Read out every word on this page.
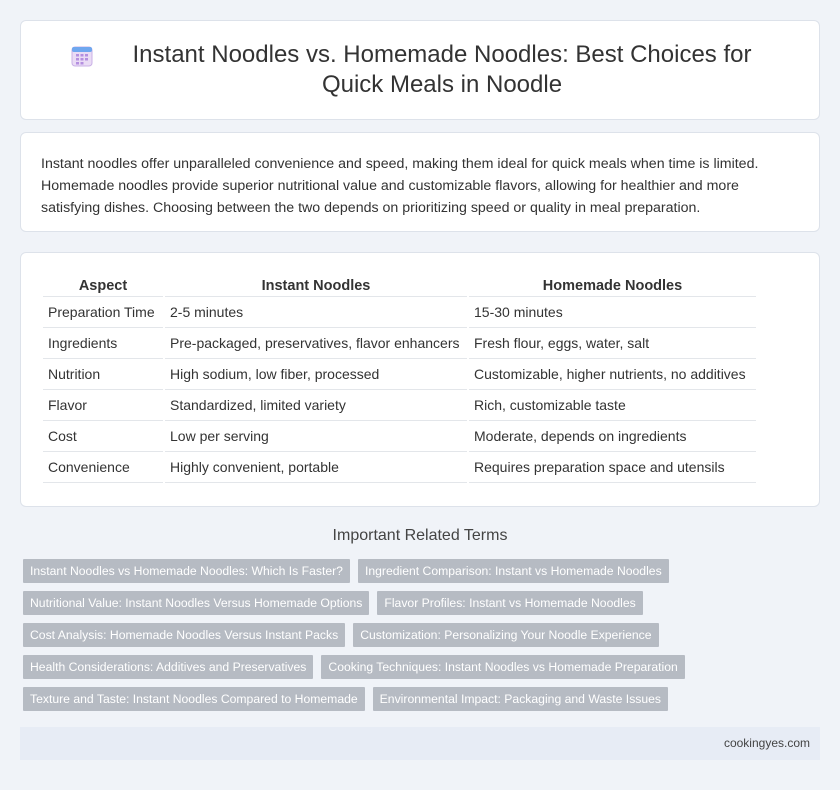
Instant Noodles vs. Homemade Noodles: Best Choices for Quick Meals in Noodle

Instant noodles offer unparalleled convenience and speed, making them ideal for quick meals when time is limited. Homemade noodles provide superior nutritional value and customizable flavors, allowing for healthier and more satisfying dishes. Choosing between the two depends on prioritizing speed or quality in meal preparation.

Aspect	Instant Noodles	Homemade Noodles
Preparation Time	2-5 minutes	15-30 minutes
Ingredients	Pre-packaged, preservatives, flavor enhancers	Fresh flour, eggs, water, salt
Nutrition	High sodium, low fiber, processed	Customizable, higher nutrients, no additives
Flavor	Standardized, limited variety	Rich, customizable taste
Cost	Low per serving	Moderate, depends on ingredients
Convenience	Highly convenient, portable	Requires preparation space and utensils
Important Related Terms
Instant Noodles vs Homemade Noodles: Which Is Faster?	Ingredient Comparison: Instant vs Homemade Noodles
Nutritional Value: Instant Noodles Versus Homemade Options	Flavor Profiles: Instant vs Homemade Noodles
Cost Analysis: Homemade Noodles Versus Instant Packs	Customization: Personalizing Your Noodle Experience
Health Considerations: Additives and Preservatives	Cooking Techniques: Instant Noodles vs Homemade Preparation
Texture and Taste: Instant Noodles Compared to Homemade	Environmental Impact: Packaging and Waste Issues
cookingyes.com
